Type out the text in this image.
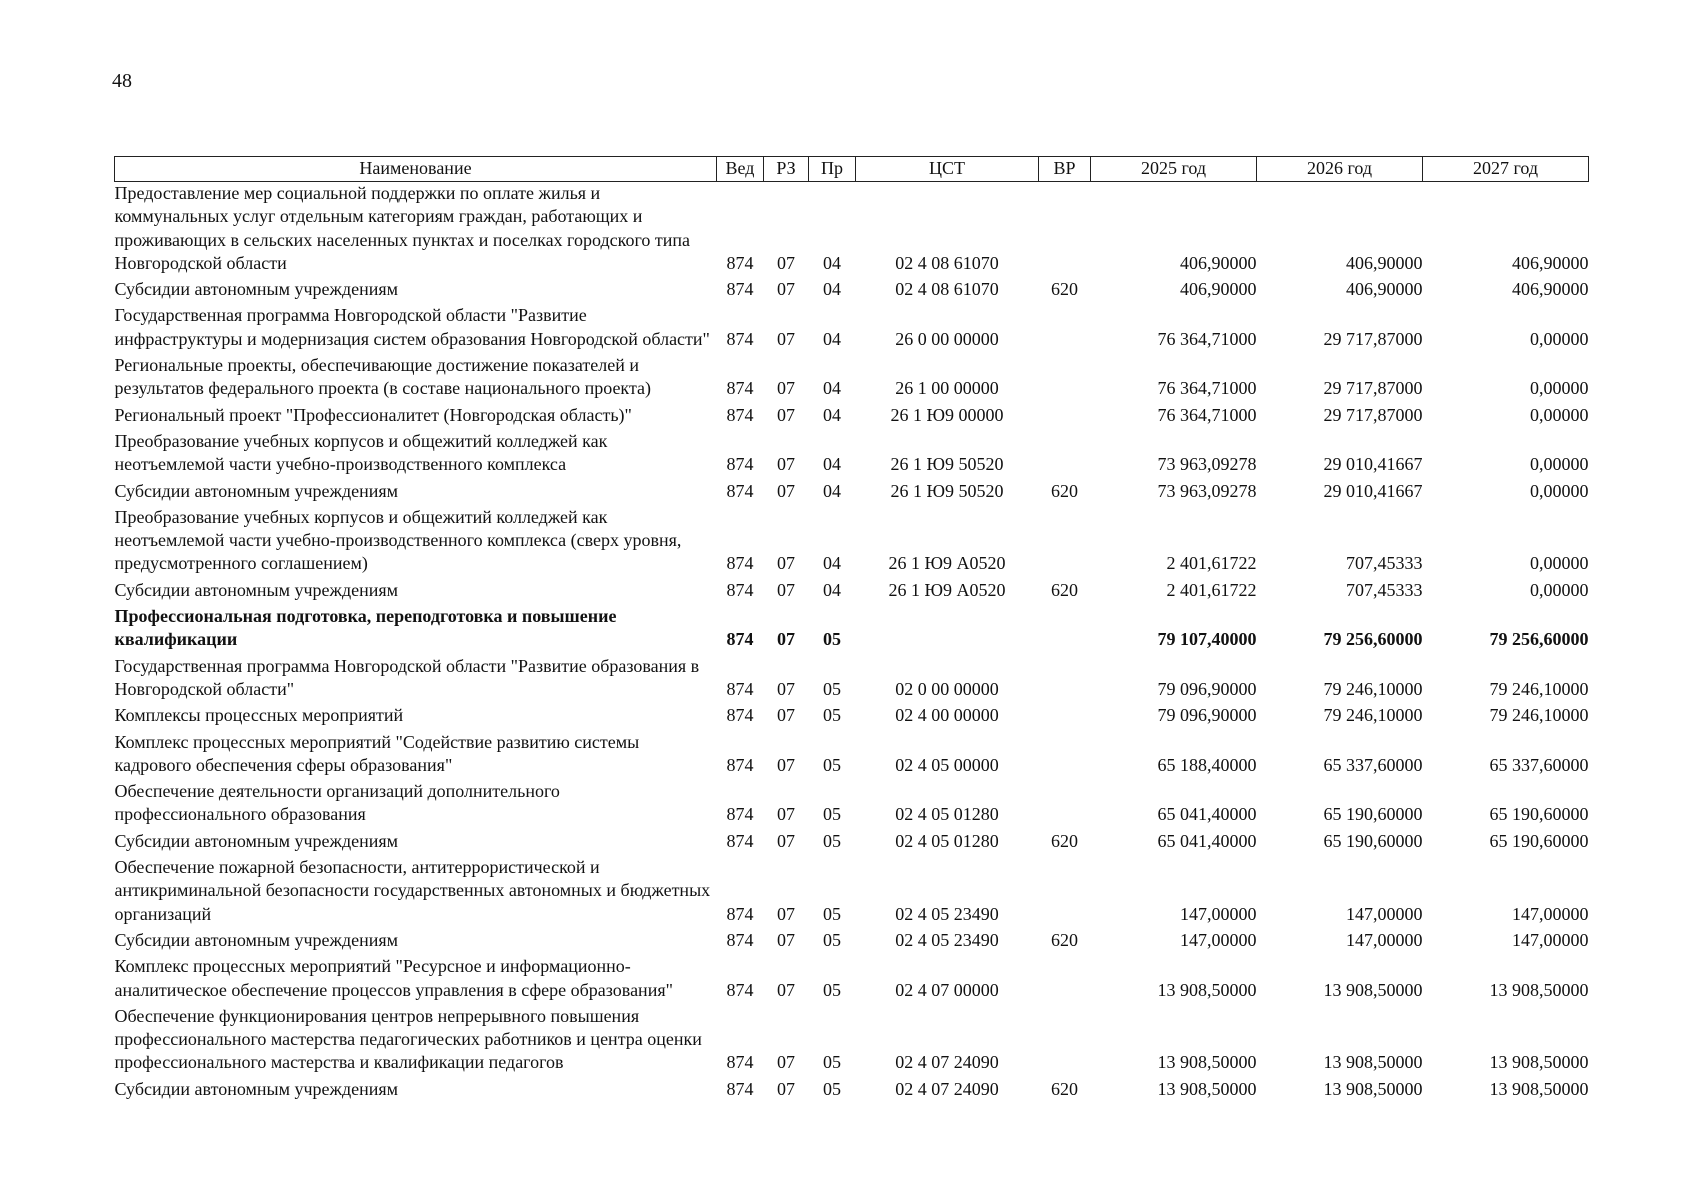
48
Наименование	Вед	РЗ	Пр	ЦСТ	ВР	2025 год	2026 год	2027 год
Предоставление мер социальной поддержки по оплате жилья и коммунальных услуг отдельным категориям граждан, работающих и проживающих в сельских населенных пунктах и поселках городского типа Новгородской области	874	07	04	02 4 08 61070		406,90000	406,90000	406,90000
Субсидии автономным учреждениям	874	07	04	02 4 08 61070	620	406,90000	406,90000	406,90000
Государственная программа Новгородской области "Развитие инфраструктуры и модернизация систем образования Новгородской области"	874	07	04	26 0 00 00000		76 364,71000	29 717,87000	0,00000
Региональные проекты, обеспечивающие достижение показателей и результатов федерального проекта (в составе национального проекта)	874	07	04	26 1 00 00000		76 364,71000	29 717,87000	0,00000
Региональный проект "Профессионалитет (Новгородская область)"	874	07	04	26 1 Ю9 00000		76 364,71000	29 717,87000	0,00000
Преобразование учебных корпусов и общежитий колледжей как неотъемлемой части учебно-производственного комплекса	874	07	04	26 1 Ю9 50520		73 963,09278	29 010,41667	0,00000
Субсидии автономным учреждениям	874	07	04	26 1 Ю9 50520	620	73 963,09278	29 010,41667	0,00000
Преобразование учебных корпусов и общежитий колледжей как неотъемлемой части учебно-производственного комплекса (сверх уровня, предусмотренного соглашением)	874	07	04	26 1 Ю9 А0520		2 401,61722	707,45333	0,00000
Субсидии автономным учреждениям	874	07	04	26 1 Ю9 А0520	620	2 401,61722	707,45333	0,00000
Профессиональная подготовка, переподготовка и повышение квалификации	874	07	05			79 107,40000	79 256,60000	79 256,60000
Государственная программа Новгородской области "Развитие образования в Новгородской области"	874	07	05	02 0 00 00000		79 096,90000	79 246,10000	79 246,10000
Комплексы процессных мероприятий	874	07	05	02 4 00 00000		79 096,90000	79 246,10000	79 246,10000
Комплекс процессных мероприятий "Содействие развитию системы кадрового обеспечения сферы образования"	874	07	05	02 4 05 00000		65 188,40000	65 337,60000	65 337,60000
Обеспечение деятельности организаций дополнительного профессионального образования	874	07	05	02 4 05 01280		65 041,40000	65 190,60000	65 190,60000
Субсидии автономным учреждениям	874	07	05	02 4 05 01280	620	65 041,40000	65 190,60000	65 190,60000
Обеспечение пожарной безопасности, антитеррористической и антикриминальной безопасности государственных автономных и бюджетных организаций	874	07	05	02 4 05 23490		147,00000	147,00000	147,00000
Субсидии автономным учреждениям	874	07	05	02 4 05 23490	620	147,00000	147,00000	147,00000
Комплекс процессных мероприятий "Ресурсное и информационно-аналитическое обеспечение процессов управления в сфере образования"	874	07	05	02 4 07 00000		13 908,50000	13 908,50000	13 908,50000
Обеспечение функционирования центров непрерывного повышения профессионального мастерства педагогических работников и центра оценки профессионального мастерства и квалификации педагогов	874	07	05	02 4 07 24090		13 908,50000	13 908,50000	13 908,50000
Субсидии автономным учреждениям	874	07	05	02 4 07 24090	620	13 908,50000	13 908,50000	13 908,50000
